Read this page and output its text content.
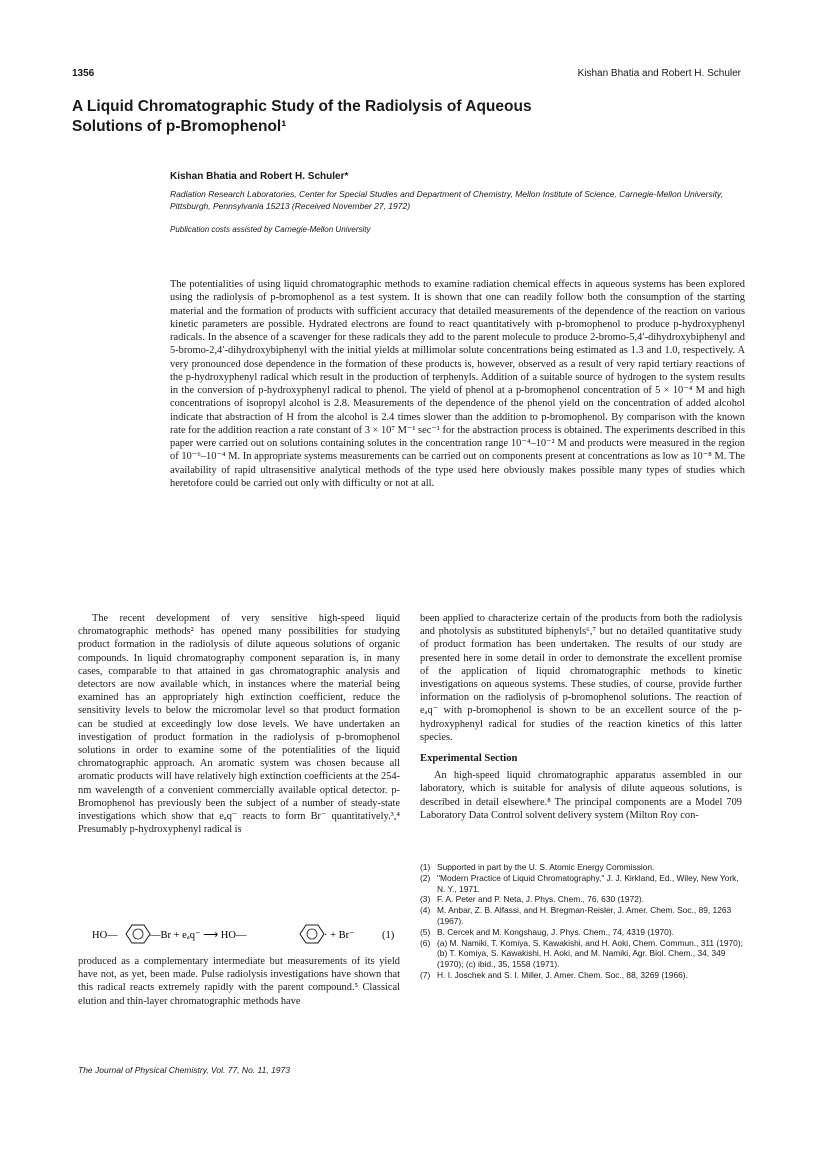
1356	Kishan Bhatia and Robert H. Schuler
A Liquid Chromatographic Study of the Radiolysis of Aqueous Solutions of p-Bromophenol¹
Kishan Bhatia and Robert H. Schuler*
Radiation Research Laboratories, Center for Special Studies and Department of Chemistry, Mellon Institute of Science, Carnegie-Mellon University, Pittsburgh, Pennsylvania 15213 (Received November 27, 1972)
Publication costs assisted by Carnegie-Mellon University

The potentialities of using liquid chromatographic methods to examine radiation chemical effects in aqueous systems has been explored using the radiolysis of p-bromophenol as a test system. It is shown that one can readily follow both the consumption of the starting material and the formation of products with sufficient accuracy that detailed measurements of the dependence of the reaction on various kinetic parameters are possible. Hydrated electrons are found to react quantitatively with p-bromophenol to produce p-hydroxyphenyl radicals. In the absence of a scavenger for these radicals they add to the parent molecule to produce 2-bromo-5,4′-dihydroxybiphenyl and 5-bromo-2,4′-dihydroxybiphenyl with the initial yields at millimolar solute concentrations being estimated as 1.3 and 1.0, respectively. A very pronounced dose dependence in the formation of these products is, however, observed as a result of very rapid tertiary reactions of the p-hydroxyphenyl radical which result in the production of terphenyls. Addition of a suitable source of hydrogen to the system results in the conversion of p-hydroxyphenyl radical to phenol. The yield of phenol at a p-bromophenol concentration of 5 × 10⁻⁴ M and high concentrations of isopropyl alcohol is 2.8. Measurements of the dependence of the phenol yield on the concentration of added alcohol indicate that abstraction of H from the alcohol is 2.4 times slower than the addition to p-bromophenol. By comparison with the known rate for the addition reaction a rate constant of 3 × 10⁷ M⁻¹ sec⁻¹ for the abstraction process is obtained. The experiments described in this paper were carried out on solutions containing solutes in the concentration range 10⁻⁴–10⁻² M and products were measured in the region of 10⁻⁶–10⁻⁴ M. In appropriate systems measurements can be carried out on components present at concentrations as low as 10⁻⁸ M. The availability of rapid ultrasensitive analytical methods of the type used here obviously makes possible many types of studies which heretofore could be carried out only with difficulty or not at all.

The recent development of very sensitive high-speed liquid chromatographic methods² has opened many possibilities for studying product formation in the radiolysis of dilute aqueous solutions of organic compounds. In liquid chromatography component separation is, in many cases, comparable to that attained in gas chromatographic analysis and detectors are now available which, in instances where the material being examined has an appropriately high extinction coefficient, reduce the sensitivity levels to below the micromolar level so that product formation can be studied at exceedingly low dose levels. We have undertaken an investigation of product formation in the radiolysis of p-bromophenol solutions in order to examine some of the potentialities of the liquid chromatographic approach. An aromatic system was chosen because all aromatic products will have relatively high extinction coefficients at the 254-nm wavelength of a convenient commercially available optical detector. p-Bromophenol has previously been the subject of a number of steady-state investigations which show that eₐq⁻ reacts to form Br⁻ quantitatively.³,⁴ Presumably p-hydroxyphenyl radical is

HO—	—Br + eₐq⁻ ⟶ HO—	· + Br⁻	(1)

produced as a complementary intermediate but measurements of its yield have not, as yet, been made. Pulse radiolysis investigations have shown that this radical reacts extremely rapidly with the parent compound.⁵ Classical elution and thin-layer chromatographic methods have

been applied to characterize certain of the products from both the radiolysis and photolysis as substituted biphenyls⁶,⁷ but no detailed quantitative study of product formation has been undertaken. The results of our study are presented here in some detail in order to demonstrate the excellent promise of the application of liquid chromatographic methods to kinetic investigations on aqueous systems. These studies, of course, provide further information on the radiolysis of p-bromophenol solutions. The reaction of eₐq⁻ with p-bromophenol is shown to be an excellent source of the p-hydroxyphenyl radical for studies of the reaction kinetics of this latter species.

Experimental Section

An high-speed liquid chromatographic apparatus assembled in our laboratory, which is suitable for analysis of dilute aqueous solutions, is described in detail elsewhere.⁸ The principal components are a Model 709 Laboratory Data Control solvent delivery system (Milton Roy con-

(1) Supported in part by the U. S. Atomic Energy Commission.
(2) "Modern Practice of Liquid Chromatography," J. J. Kirkland, Ed., Wiley, New York, N. Y., 1971.
(3) F. A. Peter and P. Neta, J. Phys. Chem., 76, 630 (1972).
(4) M. Anbar, Z. B. Alfassi, and H. Bregman-Reisler, J. Amer. Chem. Soc., 89, 1263 (1967).
(5) B. Cercek and M. Kongshaug, J. Phys. Chem., 74, 4319 (1970).
(6) (a) M. Namiki, T. Komiya, S. Kawakishi, and H. Aoki, Chem. Commun., 311 (1970); (b) T. Komiya, S. Kawakishi, H. Aoki, and M. Namiki, Agr. Biol. Chem., 34, 349 (1970); (c) ibid., 35, 1558 (1971).
(7) H. I. Joschek and S. I. Miller, J. Amer. Chem. Soc., 88, 3269 (1966).
The Journal of Physical Chemistry, Vol. 77, No. 11, 1973
